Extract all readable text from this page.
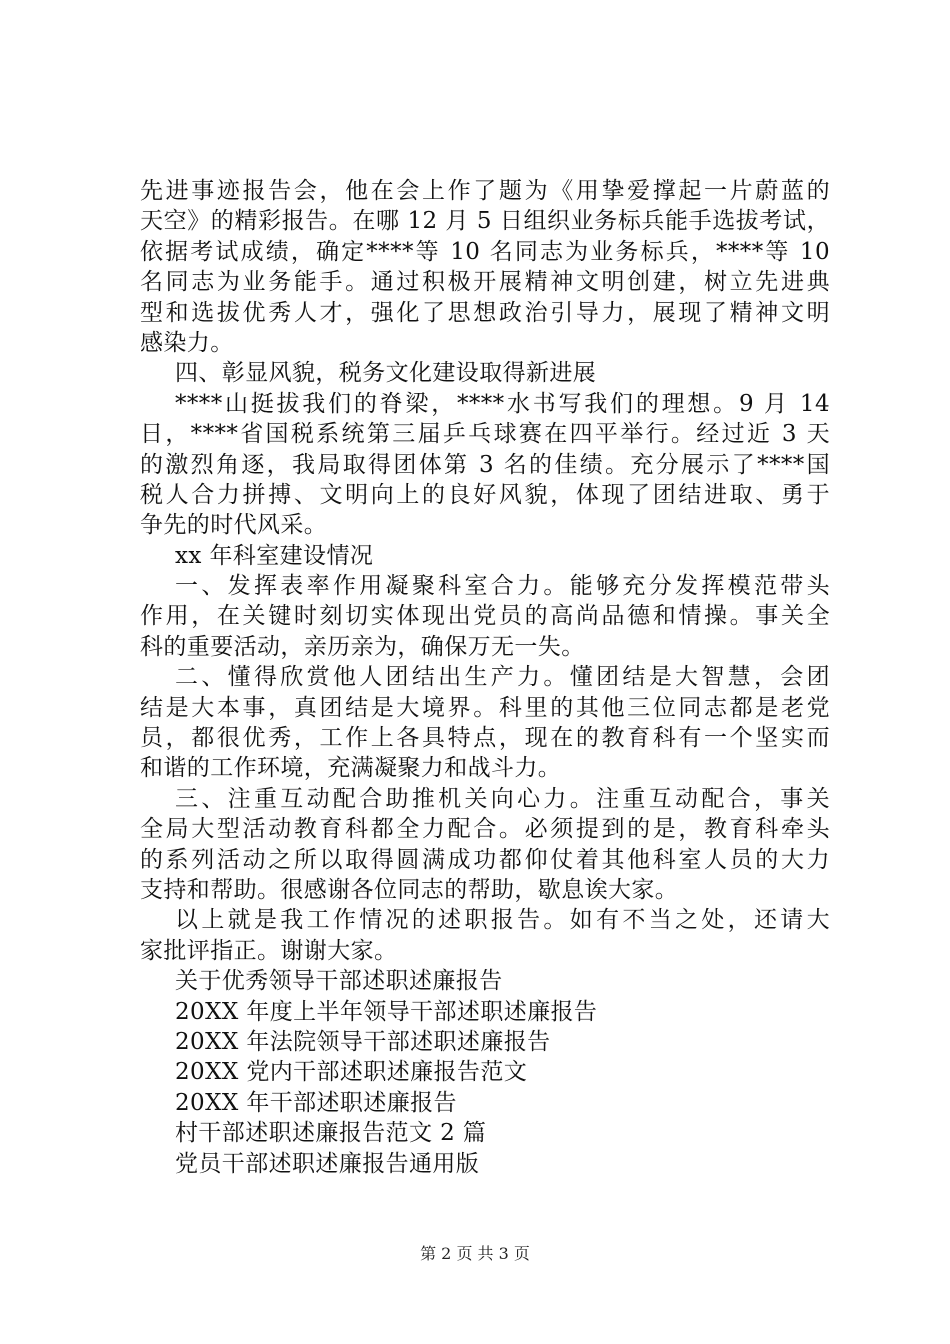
先进事迹报告会，他在会上作了题为《用挚爱撑起一片蔚蓝的
天空》的精彩报告。在哪 12 月 5 日组织业务标兵能手选拔考试，
依据考试成绩，确定****等 10 名同志为业务标兵，****等 10
名同志为业务能手。通过积极开展精神文明创建，树立先进典
型和选拔优秀人才，强化了思想政治引导力，展现了精神文明
感染力。
四、彰显风貌，税务文化建设取得新进展
****山挺拔我们的脊梁，****水书写我们的理想。9 月 14
日，****省国税系统第三届乒乓球赛在四平举行。经过近 3 天
的激烈角逐，我局取得团体第 3 名的佳绩。充分展示了****国
税人合力拼搏、文明向上的良好风貌，体现了团结进取、勇于
争先的时代风采。
xx 年科室建设情况
一、发挥表率作用凝聚科室合力。能够充分发挥模范带头
作用，在关键时刻切实体现出党员的高尚品德和情操。事关全
科的重要活动，亲历亲为，确保万无一失。
二、懂得欣赏他人团结出生产力。懂团结是大智慧，会团
结是大本事，真团结是大境界。科里的其他三位同志都是老党
员，都很优秀，工作上各具特点，现在的教育科有一个坚实而
和谐的工作环境，充满凝聚力和战斗力。
三、注重互动配合助推机关向心力。注重互动配合，事关
全局大型活动教育科都全力配合。必须提到的是，教育科牵头
的系列活动之所以取得圆满成功都仰仗着其他科室人员的大力
支持和帮助。很感谢各位同志的帮助，歇息诶大家。
以上就是我工作情况的述职报告。如有不当之处，还请大
家批评指正。谢谢大家。
关于优秀领导干部述职述廉报告
20XX 年度上半年领导干部述职述廉报告
20XX 年法院领导干部述职述廉报告
20XX 党内干部述职述廉报告范文
20XX 年干部述职述廉报告
村干部述职述廉报告范文 2 篇
党员干部述职述廉报告通用版
第 2 页 共 3 页
